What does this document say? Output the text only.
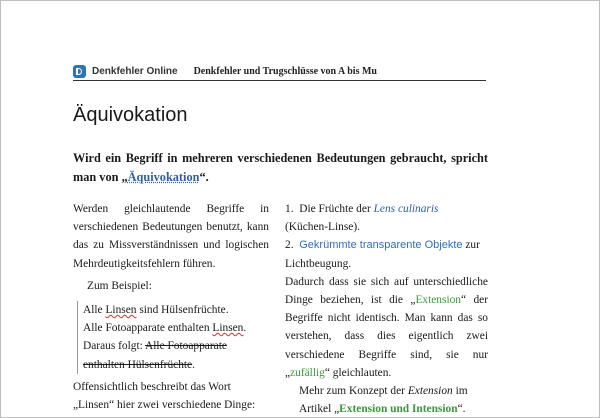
Denkfehler Online Denkfehler und Trugschlüsse von A bis Mu
Äquivokation

Wird ein Begriff in mehreren verschiedenen Bedeutungen gebraucht, spricht man von „Äquivokation“.

Werden gleichlautende Begriffe in verschiedenen Bedeutungen benutzt, kann das zu Missverständnissen und logischen Mehrdeutigkeitsfehlern führen.

Zum Beispiel:

Alle Linsen sind Hülsenfrüchte.

Alle Fotoapparate enthalten Linsen.

Daraus folgt: Alle Fotoapparate enthalten Hülsenfrüchte.

Offensichtlich beschreibt das Wort „Linsen“ hier zwei verschiedene Dinge:

1. Die Früchte der Lens culinaris
(Küchen-Linse).

2. Gekrümmte transparente Objekte zur Lichtbeugung.

Dadurch dass sie sich auf unterschiedliche Dinge beziehen, ist die „Extension“ der Begriffe nicht identisch. Man kann das so verstehen, dass dies eigentlich zwei verschiedene Begriffe sind, sie nur „zufällig“ gleichlauten.

Mehr zum Konzept der Extension im Artikel „Extension und Intension“.
